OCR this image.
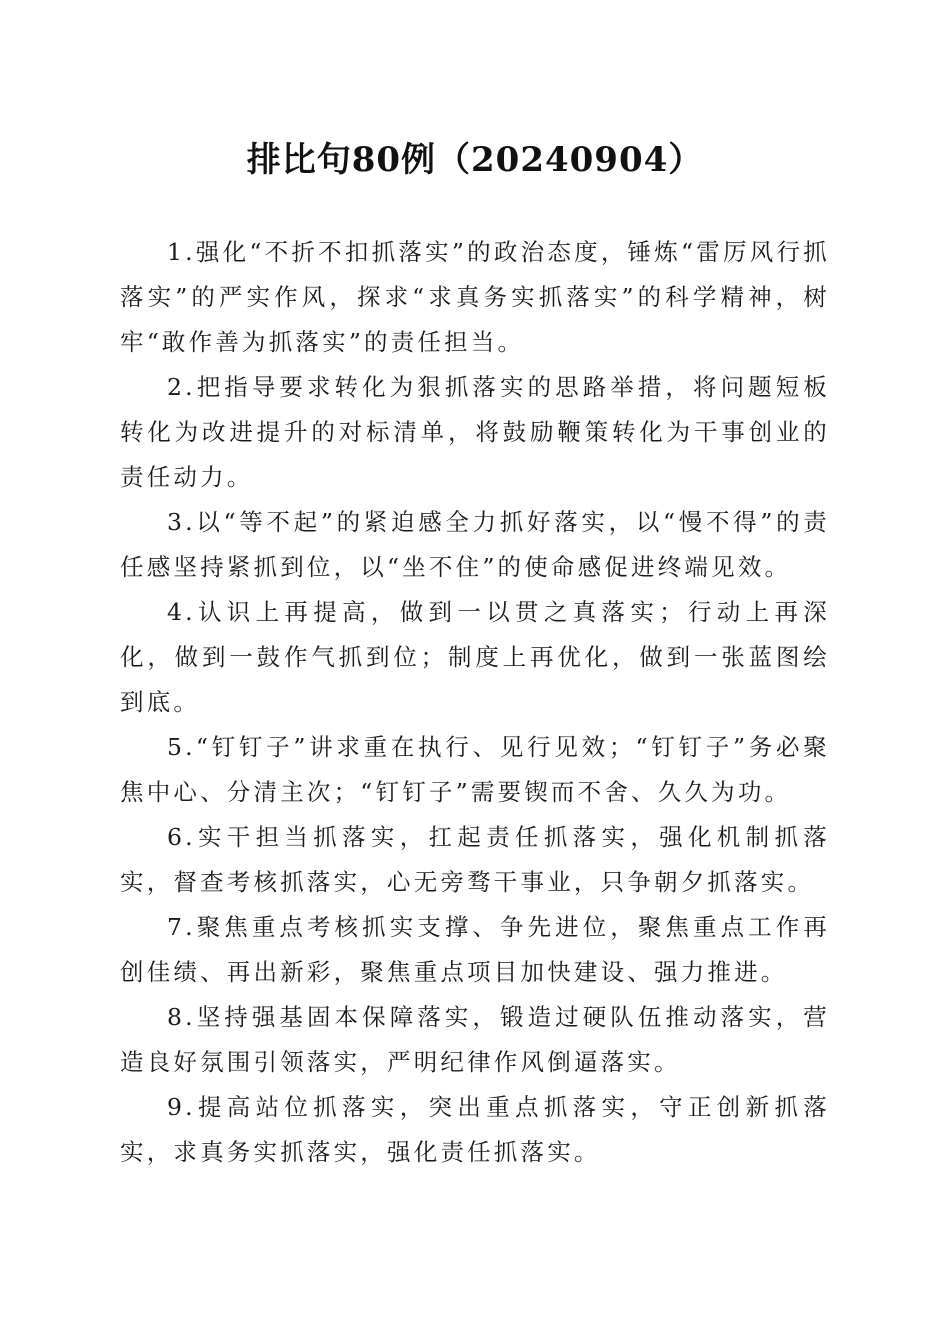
排比句80例（20240904）

1.强化“不折不扣抓落实”的政治态度，锤炼“雷厉风行抓落实”的严实作风，探求“求真务实抓落实”的科学精神，树牢“敢作善为抓落实”的责任担当。

2.把指导要求转化为狠抓落实的思路举措，将问题短板转化为改进提升的对标清单，将鼓励鞭策转化为干事创业的责任动力。

3.以“等不起”的紧迫感全力抓好落实，以“慢不得”的责任感坚持紧抓到位，以“坐不住”的使命感促进终端见效。

4.认识上再提高，做到一以贯之真落实；行动上再深化，做到一鼓作气抓到位；制度上再优化，做到一张蓝图绘到底。

5.“钉钉子”讲求重在执行、见行见效；“钉钉子”务必聚焦中心、分清主次；“钉钉子”需要锲而不舍、久久为功。

6.实干担当抓落实，扛起责任抓落实，强化机制抓落实，督查考核抓落实，心无旁骛干事业，只争朝夕抓落实。

7.聚焦重点考核抓实支撑、争先进位，聚焦重点工作再创佳绩、再出新彩，聚焦重点项目加快建设、强力推进。

8.坚持强基固本保障落实，锻造过硬队伍推动落实，营造良好氛围引领落实，严明纪律作风倒逼落实。

9.提高站位抓落实，突出重点抓落实，守正创新抓落实，求真务实抓落实，强化责任抓落实。
